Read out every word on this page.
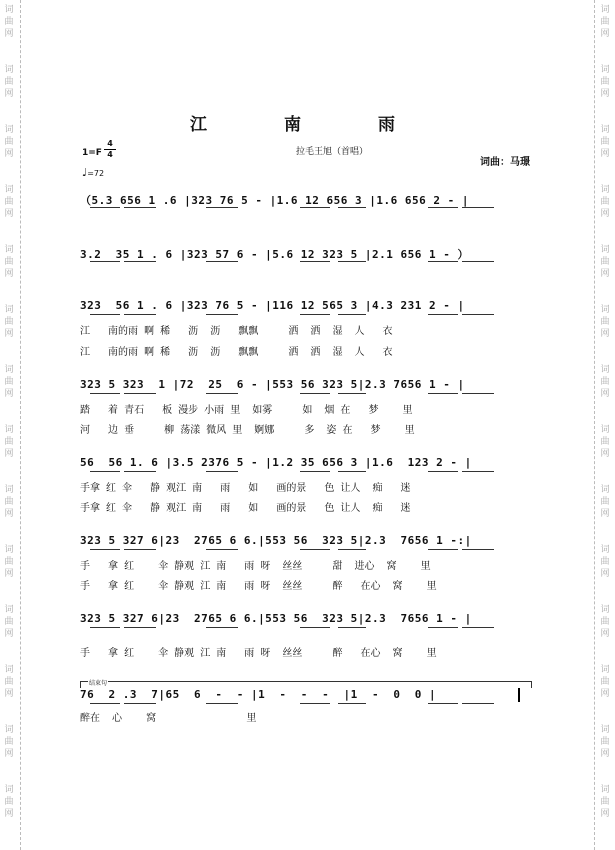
词
曲
网
词
曲
网
词
曲
网
词
曲
网
词
曲
网
词
曲
网
词
曲
网
词
曲
网
词
曲
网
词
曲
网
词
曲
网
词
曲
网
词
曲
网
词
曲
网
词
曲
网
词
曲
网
词
曲
网
词
曲
网
词
曲
网
词
曲
网
词
曲
网
词
曲
网
词
曲
网
词
曲
网
词
曲
网
词
曲
网
词
曲
网
词
曲
网
江　南　雨
1=F
4
4
♩=72
拉毛王旭（首唱）
词曲：马璟
（5.3 656 1 .6 |323 76 5 - |1.6 12 656 3 |1.6 656 2 - |
3.2  35 1 . 6 |323 57 6 - |5.6 12 323 5 |2.1 656 1 - ）
323  56 1 . 6 |323 76 5 - |116 12 565 3 |4.3 231 2 - |
江   南的雨 啊 稀   沥  沥   飘飘     洒  洒  湿  人   衣
江   南的雨 啊 稀   沥  沥   飘飘     洒  洒  湿  人   衣
323 5 323  1 |72  25  6 - |553 56 323 5|2.3 7656 1 - |
踏   着 青石   板 漫步 小雨 里  如雾     如  烟 在   梦    里
河   边 垂     柳 荡漾 微风 里  婀娜     多  姿 在   梦    里
56  56 1. 6 |3.5 2376 5 - |1.2 35 656 3 |1.6  123 2 - |
手拿 红 伞   静 观江 南   雨   如   画的景   色 让人  痴   迷
手拿 红 伞   静 观江 南   雨   如   画的景   色 让人  痴   迷
323 5 327 6|23  2765 6 6.|553 56  323 5|2.3  7656 1 -:|
手   拿 红    伞 静观 江 南   雨 呀  丝丝     甜  进心  窝    里
手   拿 红    伞 静观 江 南   雨 呀  丝丝     醉   在心  窝    里
323 5 327 6|23  2765 6 6.|553 56  323 5|2.3  7656 1 - |
手   拿 红    伞 静观 江 南   雨 呀  丝丝     醉   在心  窝    里
结束句
76  2 .3  7|65  6  -  - |1  -  -  -  |1  -  0  0 |
醉在  心    窝               里
